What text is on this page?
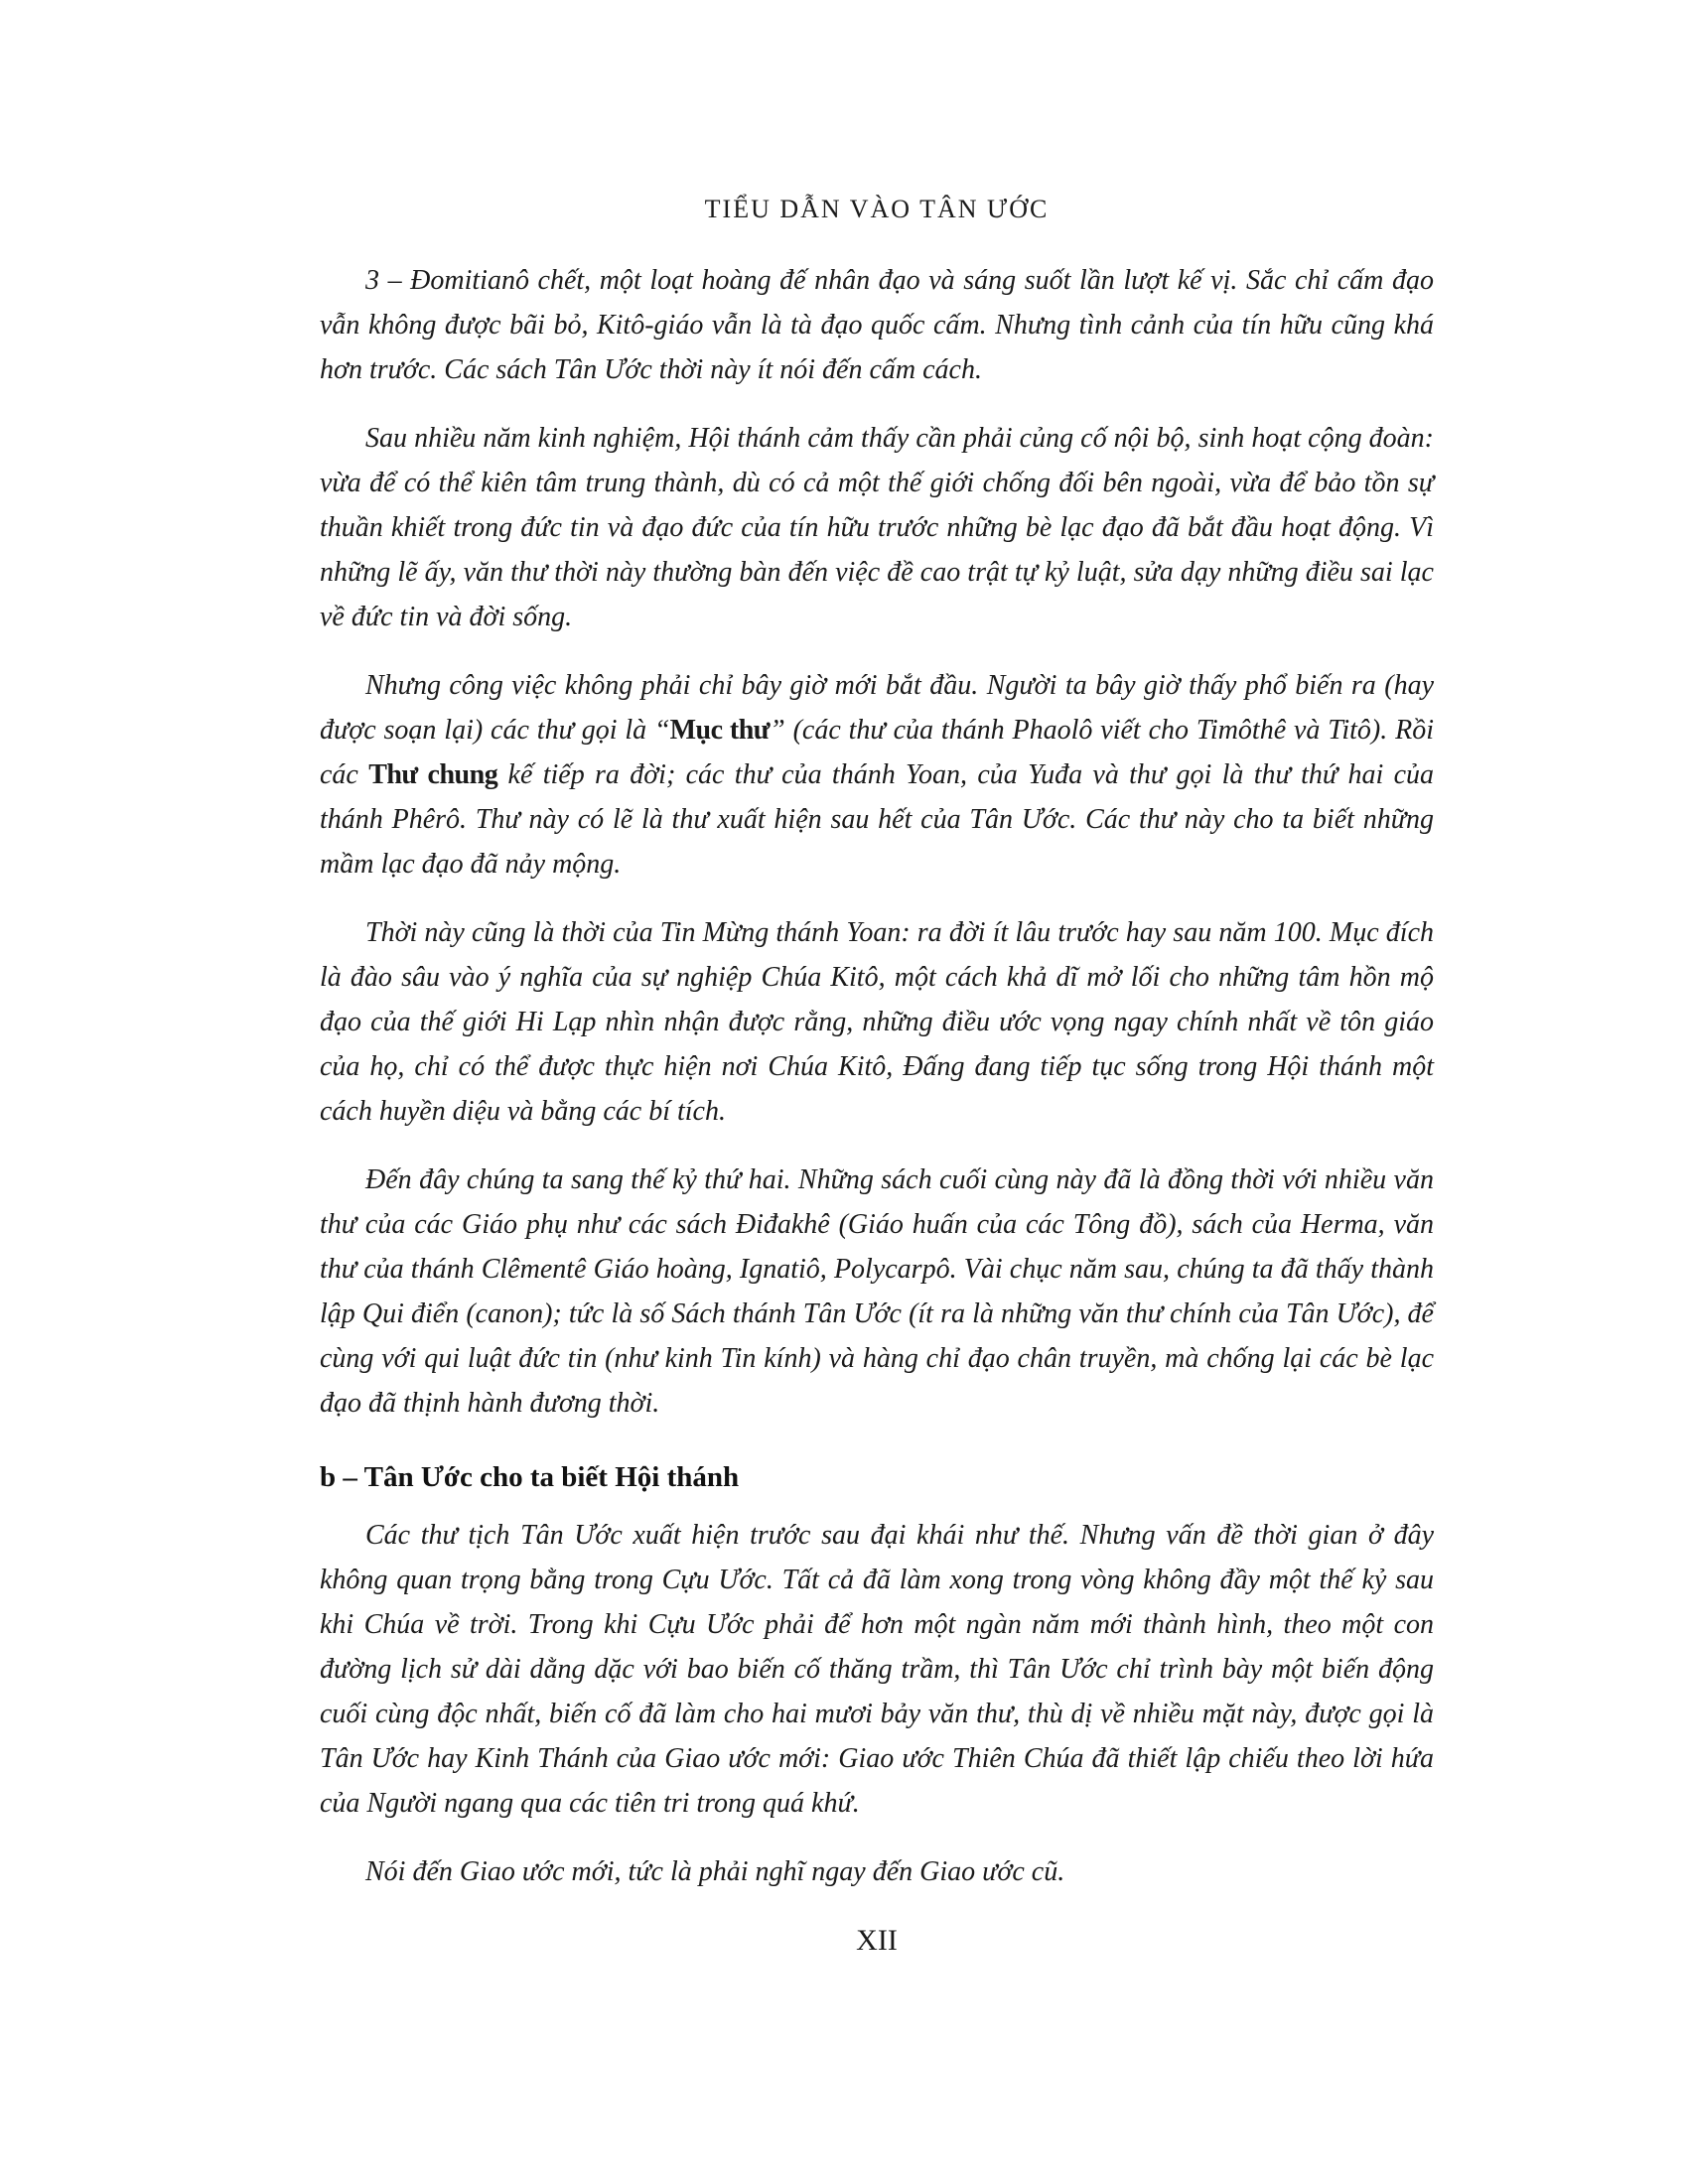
TIỂU DẪN VÀO TÂN ƯỚC

3 – Đomitianô chết, một loạt hoàng đế nhân đạo và sáng suốt lần lượt kế vị. Sắc chỉ cấm đạo vẫn không được bãi bỏ, Kitô-giáo vẫn là tà đạo quốc cấm. Nhưng tình cảnh của tín hữu cũng khá hơn trước. Các sách Tân Ước thời này ít nói đến cấm cách.

Sau nhiều năm kinh nghiệm, Hội thánh cảm thấy cần phải củng cố nội bộ, sinh hoạt cộng đoàn: vừa để có thể kiên tâm trung thành, dù có cả một thế giới chống đối bên ngoài, vừa để bảo tồn sự thuần khiết trong đức tin và đạo đức của tín hữu trước những bè lạc đạo đã bắt đầu hoạt động. Vì những lẽ ấy, văn thư thời này thường bàn đến việc đề cao trật tự kỷ luật, sửa dạy những điều sai lạc về đức tin và đời sống.

Nhưng công việc không phải chỉ bây giờ mới bắt đầu. Người ta bây giờ thấy phổ biến ra (hay được soạn lại) các thư gọi là “Mục thư” (các thư của thánh Phaolô viết cho Timôthê và Titô). Rồi các Thư chung kế tiếp ra đời; các thư của thánh Yoan, của Yuđa và thư gọi là thư thứ hai của thánh Phêrô. Thư này có lẽ là thư xuất hiện sau hết của Tân Ước. Các thư này cho ta biết những mầm lạc đạo đã nảy mộng.

Thời này cũng là thời của Tin Mừng thánh Yoan: ra đời ít lâu trước hay sau năm 100. Mục đích là đào sâu vào ý nghĩa của sự nghiệp Chúa Kitô, một cách khả dĩ mở lối cho những tâm hồn mộ đạo của thế giới Hi Lạp nhìn nhận được rằng, những điều ước vọng ngay chính nhất về tôn giáo của họ, chỉ có thể được thực hiện nơi Chúa Kitô, Đấng đang tiếp tục sống trong Hội thánh một cách huyền diệu và bằng các bí tích.

Đến đây chúng ta sang thế kỷ thứ hai. Những sách cuối cùng này đã là đồng thời với nhiều văn thư của các Giáo phụ như các sách Điđakhê (Giáo huấn của các Tông đồ), sách của Herma, văn thư của thánh Clêmentê Giáo hoàng, Ignatiô, Polycarpô. Vài chục năm sau, chúng ta đã thấy thành lập Qui điển (canon); tức là số Sách thánh Tân Ước (ít ra là những văn thư chính của Tân Ước), để cùng với qui luật đức tin (như kinh Tin kính) và hàng chỉ đạo chân truyền, mà chống lại các bè lạc đạo đã thịnh hành đương thời.

b – Tân Ước cho ta biết Hội thánh

Các thư tịch Tân Ước xuất hiện trước sau đại khái như thế. Nhưng vấn đề thời gian ở đây không quan trọng bằng trong Cựu Ước. Tất cả đã làm xong trong vòng không đầy một thế kỷ sau khi Chúa về trời. Trong khi Cựu Ước phải để hơn một ngàn năm mới thành hình, theo một con đường lịch sử dài dằng dặc với bao biến cố thăng trầm, thì Tân Ước chỉ trình bày một biến động cuối cùng độc nhất, biến cố đã làm cho hai mươi bảy văn thư, thù dị về nhiều mặt này, được gọi là Tân Ước hay Kinh Thánh của Giao ước mới: Giao ước Thiên Chúa đã thiết lập chiếu theo lời hứa của Người ngang qua các tiên tri trong quá khứ.

Nói đến Giao ước mới, tức là phải nghĩ ngay đến Giao ước cũ.

XII
